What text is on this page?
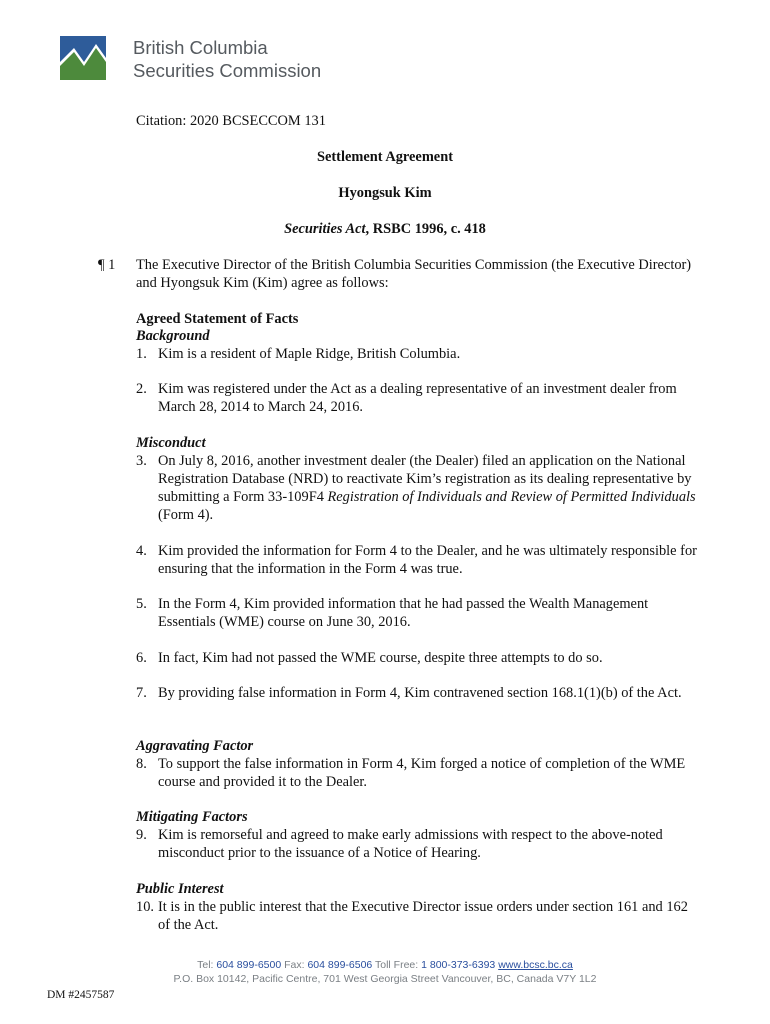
British Columbia
Securities Commission
Citation: 2020 BCSECCOM 131
Settlement Agreement
Hyongsuk Kim
Securities Act, RSBC 1996, c. 418
¶ 1 The Executive Director of the British Columbia Securities Commission (the Executive Director) and Hyongsuk Kim (Kim) agree as follows:
Agreed Statement of Facts
Background
1. Kim is a resident of Maple Ridge, British Columbia.
2. Kim was registered under the Act as a dealing representative of an investment dealer from March 28, 2014 to March 24, 2016.
Misconduct
3. On July 8, 2016, another investment dealer (the Dealer) filed an application on the National Registration Database (NRD) to reactivate Kim’s registration as its dealing representative by submitting a Form 33-109F4 Registration of Individuals and Review of Permitted Individuals (Form 4).
4. Kim provided the information for Form 4 to the Dealer, and he was ultimately responsible for ensuring that the information in the Form 4 was true.
5. In the Form 4, Kim provided information that he had passed the Wealth Management Essentials (WME) course on June 30, 2016.
6. In fact, Kim had not passed the WME course, despite three attempts to do so.
7. By providing false information in Form 4, Kim contravened section 168.1(1)(b) of the Act.
Aggravating Factor
8. To support the false information in Form 4, Kim forged a notice of completion of the WME course and provided it to the Dealer.
Mitigating Factors
9. Kim is remorseful and agreed to make early admissions with respect to the above-noted misconduct prior to the issuance of a Notice of Hearing.
Public Interest
10. It is in the public interest that the Executive Director issue orders under section 161 and 162 of the Act.
Tel: 604 899-6500 Fax: 604 899-6506 Toll Free: 1 800-373-6393 www.bcsc.bc.ca
P.O. Box 10142, Pacific Centre, 701 West Georgia Street Vancouver, BC, Canada V7Y 1L2
DM #2457587
